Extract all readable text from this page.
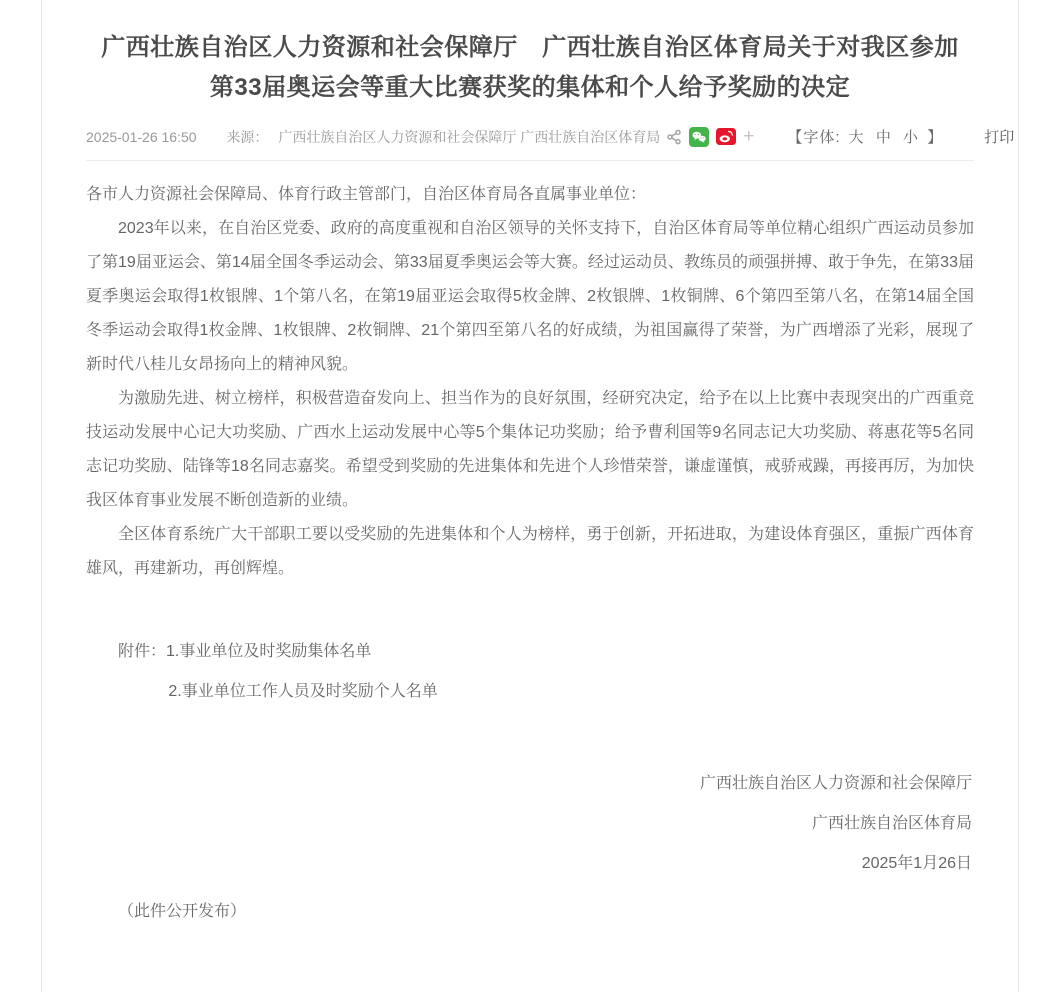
广西壮族自治区人力资源和社会保障厅　广西壮族自治区体育局关于对我区参加第33届奥运会等重大比赛获奖的集体和个人给予奖励的决定
2025-01-26 16:50 来源： 广西壮族自治区人力资源和社会保障厅 广西壮族自治区体育局	+ 【字体: 大 中 小 】	打印

各市人力资源社会保障局、体育行政主管部门，自治区体育局各直属事业单位：

2023年以来，在自治区党委、政府的高度重视和自治区领导的关怀支持下，自治区体育局等单位精心组织广西运动员参加了第19届亚运会、第14届全国冬季运动会、第33届夏季奥运会等大赛。经过运动员、教练员的顽强拼搏、敢于争先，在第33届夏季奥运会取得1枚银牌、1个第八名，在第19届亚运会取得5枚金牌、2枚银牌、1枚铜牌、6个第四至第八名，在第14届全国冬季运动会取得1枚金牌、1枚银牌、2枚铜牌、21个第四至第八名的好成绩，为祖国赢得了荣誉，为广西增添了光彩，展现了新时代八桂儿女昂扬向上的精神风貌。

为激励先进、树立榜样，积极营造奋发向上、担当作为的良好氛围，经研究决定，给予在以上比赛中表现突出的广西重竞技运动发展中心记大功奖励、广西水上运动发展中心等5个集体记功奖励；给予曹利国等9名同志记大功奖励、蒋惠花等5名同志记功奖励、陆锋等18名同志嘉奖。希望受到奖励的先进集体和先进个人珍惜荣誉，谦虚谨慎，戒骄戒躁，再接再厉，为加快我区体育事业发展不断创造新的业绩。

全区体育系统广大干部职工要以受奖励的先进集体和个人为榜样，勇于创新，开拓进取，为建设体育强区，重振广西体育雄风，再建新功，再创辉煌。

附件：1.事业单位及时奖励集体名单

2.事业单位工作人员及时奖励个人名单

广西壮族自治区人力资源和社会保障厅

广西壮族自治区体育局

2025年1月26日

（此件公开发布）
